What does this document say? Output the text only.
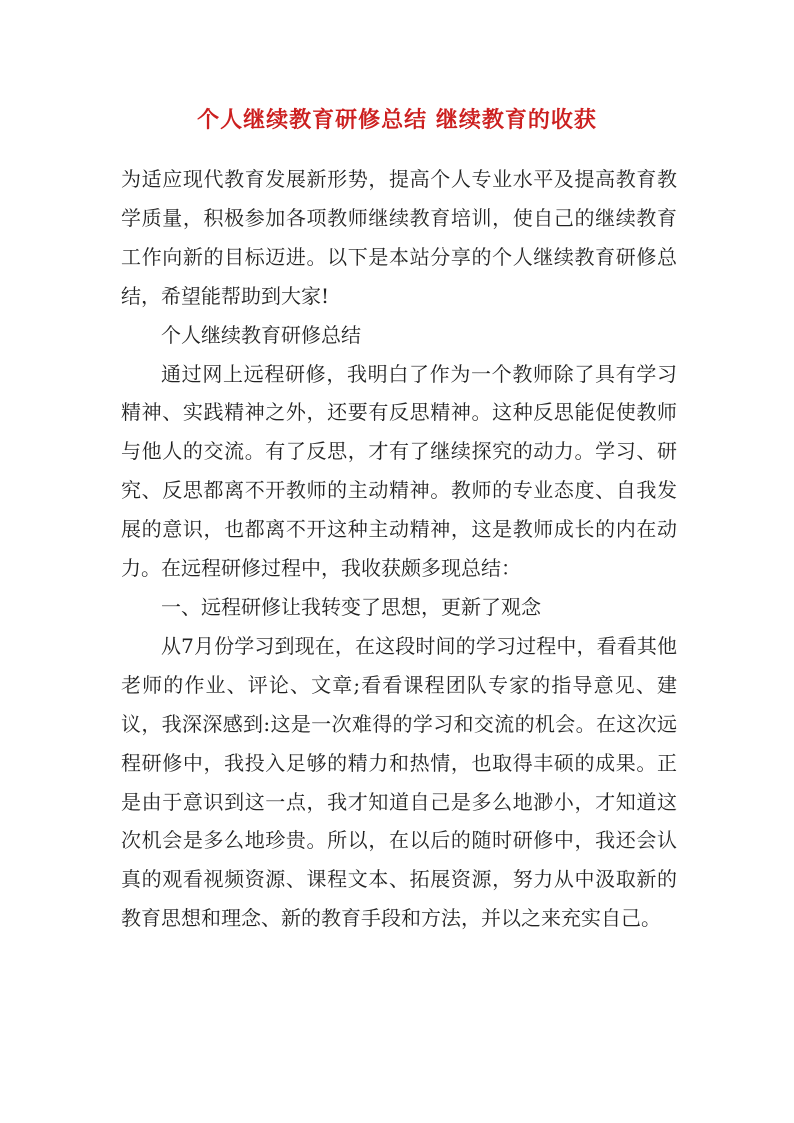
个人继续教育研修总结 继续教育的收获

为适应现代教育发展新形势，提高个人专业水平及提高教育教学质量，积极参加各项教师继续教育培训，使自己的继续教育工作向新的目标迈进。以下是本站分享的个人继续教育研修总结，希望能帮助到大家!

个人继续教育研修总结

通过网上远程研修，我明白了作为一个教师除了具有学习精神、实践精神之外，还要有反思精神。这种反思能促使教师与他人的交流。有了反思，才有了继续探究的动力。学习、研究、反思都离不开教师的主动精神。教师的专业态度、自我发展的意识，也都离不开这种主动精神，这是教师成长的内在动力。在远程研修过程中，我收获颇多现总结：

一、远程研修让我转变了思想，更新了观念

从7月份学习到现在，在这段时间的学习过程中，看看其他老师的作业、评论、文章;看看课程团队专家的指导意见、建议，我深深感到:这是一次难得的学习和交流的机会。在这次远程研修中，我投入足够的精力和热情，也取得丰硕的成果。正是由于意识到这一点，我才知道自己是多么地渺小，才知道这次机会是多么地珍贵。所以，在以后的随时研修中，我还会认真的观看视频资源、课程文本、拓展资源，努力从中汲取新的教育思想和理念、新的教育手段和方法，并以之来充实自己。
